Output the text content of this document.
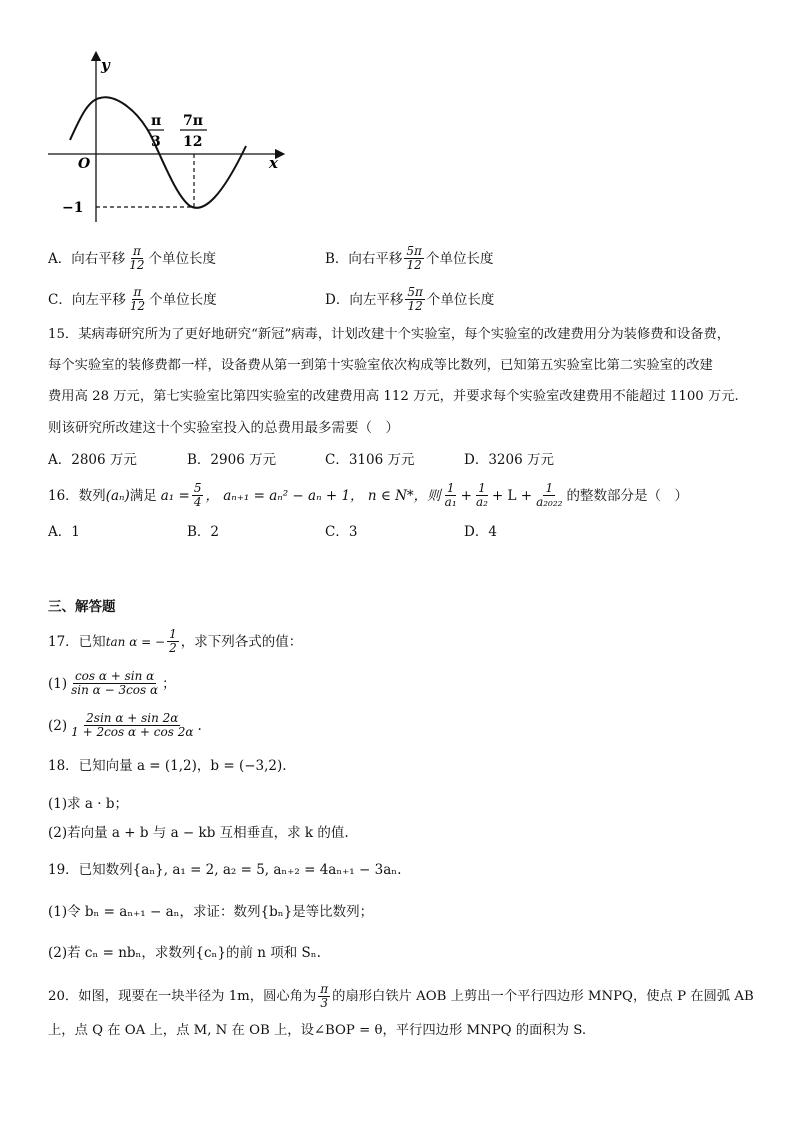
y
x
O
π
3
7π
12
−1
A．向右平移 $\frac{\pi}{12}$ 个单位长度	B．向右平移 $\frac{5\pi}{12}$ 个单位长度
C．向左平移 $\frac{\pi}{12}$ 个单位长度	D．向左平移 $\frac{5\pi}{12}$ 个单位长度
15．某病毒研究所为了更好地研究“新冠”病毒，计划改建十个实验室，每个实验室的改建费用分为装修费和设备费，
每个实验室的装修费都一样，设备费从第一到第十实验室依次构成等比数列，已知第五实验室比第二实验室的改建
费用高 28 万元，第七实验室比第四实验室的改建费用高 112 万元，并要求每个实验室改建费用不能超过 1100 万元.
则该研究所改建这十个实验室投入的总费用最多需要（　）
A．2806 万元	B．2906 万元	C．3106 万元	D．3206 万元
16．数列 (aₙ) 满足 $a_1 = \frac{5}{4}$ ， aₙ₊₁ = aₙ² − aₙ + 1， n ∈ N*，则 $\frac{1}{\text{a₁}} + \frac{1}{\text{a₂}} + L + \frac{1}{\text{a₂₀₂₂}}$ 的整数部分是（　）
A．1	B．2	C．3	D．4
三、解答题
17．已知 tan α = − $\frac{1}{2}$ ，求下列各式的值：
$(1) \frac{\text{cos α + sin α}}{\text{sin α − 3cos α}}$ ；
$(2) \frac{\text{2sin α + sin 2α}}{\text{1 + 2cos α + cos 2α}}$ .
18．已知向量 a = (1,2)，b = (−3,2).
(1)求 a · b；
(2)若向量 a + b 与 a − kb 互相垂直，求 k 的值.
19．已知数列{aₙ}, a₁ = 2, a₂ = 5, aₙ₊₂ = 4aₙ₊₁ − 3aₙ.
(1)令 bₙ = aₙ₊₁ − aₙ，求证：数列{bₙ}是等比数列；
(2)若 cₙ = nbₙ，求数列{cₙ}的前 n 项和 Sₙ.
20．如图，现要在一块半径为 1m，圆心角为 $\frac{\pi}{3}$ 的扇形白铁片 AOB 上剪出一个平行四边形 MNPQ，使点 P 在圆弧 AB
上，点 Q 在 OA 上，点 M, N 在 OB 上，设∠BOP = θ，平行四边形 MNPQ 的面积为 S.
